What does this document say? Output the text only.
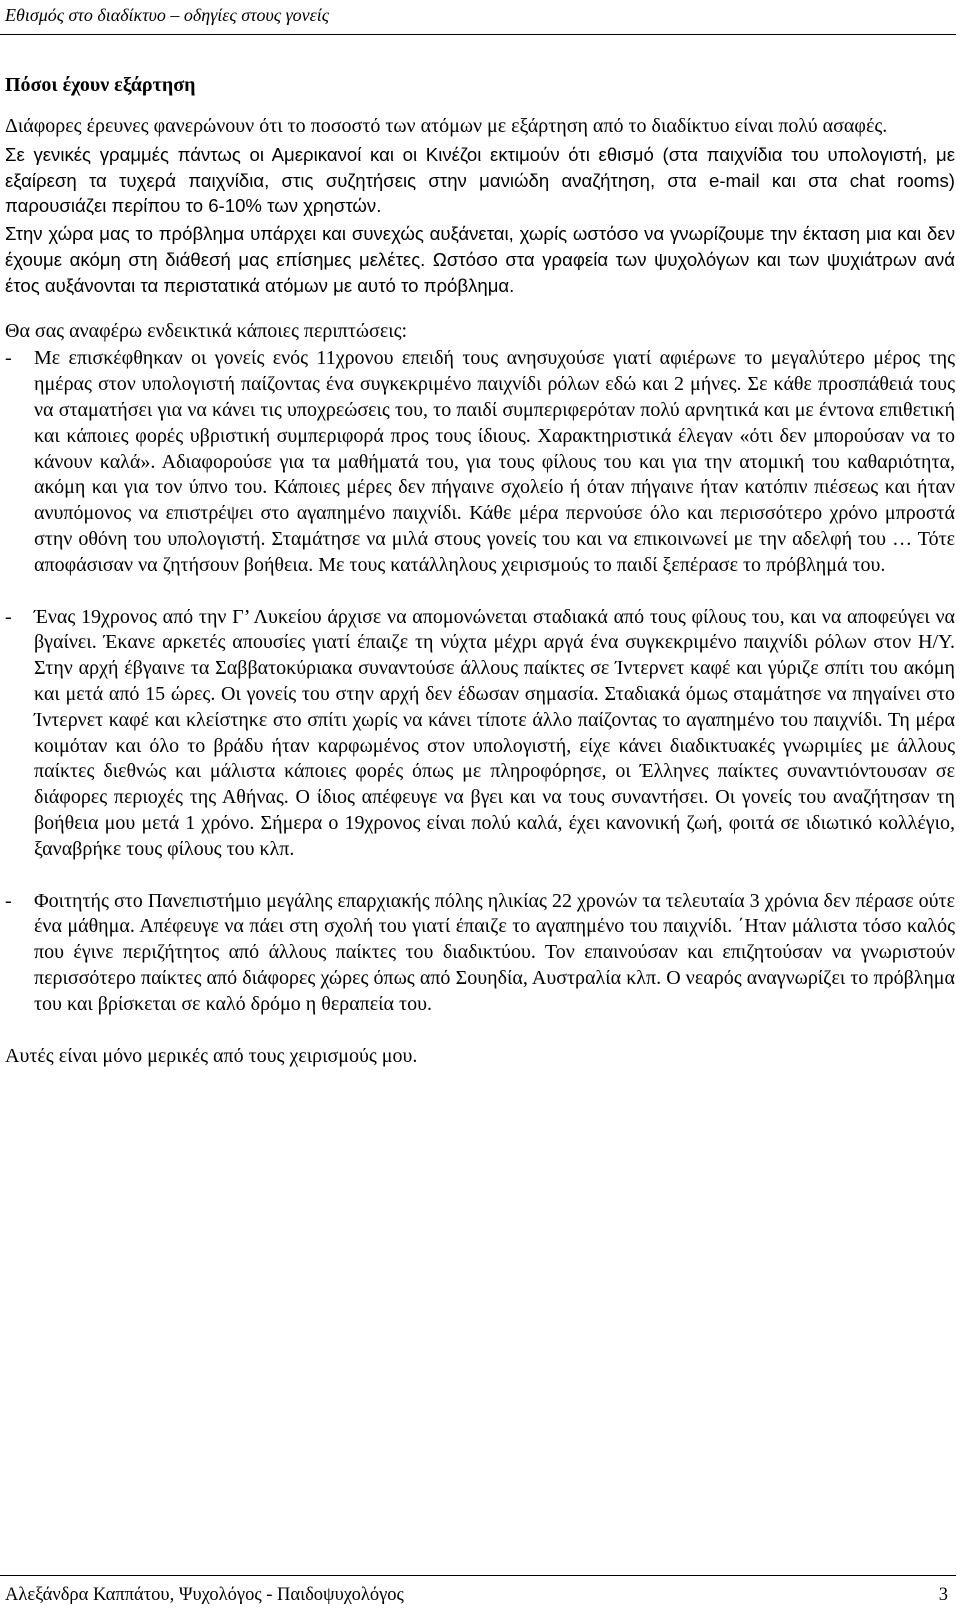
Εθισμός στο διαδίκτυο – οδηγίες στους γονείς

Πόσοι έχουν εξάρτηση

Διάφορες έρευνες φανερώνουν ότι το ποσοστό των ατόμων με εξάρτηση από το διαδίκτυο είναι πολύ ασαφές.

Σε γενικές γραμμές πάντως οι Αμερικανοί και οι Κινέζοι εκτιμούν ότι εθισμό (στα παιχνίδια του υπολογιστή, με εξαίρεση τα τυχερά παιχνίδια, στις συζητήσεις στην μανιώδη αναζήτηση, στα e-mail και στα chat rooms) παρουσιάζει περίπου το 6-10% των χρηστών.

Στην χώρα μας το πρόβλημα υπάρχει και συνεχώς αυξάνεται, χωρίς ωστόσο να γνωρίζουμε την έκταση μια και δεν έχουμε ακόμη στη διάθεσή μας επίσημες μελέτες. Ωστόσο στα γραφεία των ψυχολόγων και των ψυχιάτρων ανά έτος αυξάνονται τα περιστατικά ατόμων με αυτό το πρόβλημα.

Θα σας αναφέρω ενδεικτικά κάποιες περιπτώσεις:

- Με επισκέφθηκαν οι γονείς ενός 11χρονου επειδή τους ανησυχούσε γιατί αφιέρωνε το μεγαλύτερο μέρος της ημέρας στον υπολογιστή παίζοντας ένα συγκεκριμένο παιχνίδι ρόλων εδώ και 2 μήνες. Σε κάθε προσπάθειά τους να σταματήσει για να κάνει τις υποχρεώσεις του, το παιδί συμπεριφερόταν πολύ αρνητικά και με έντονα επιθετική και κάποιες φορές υβριστική συμπεριφορά προς τους ίδιους. Χαρακτηριστικά έλεγαν «ότι δεν μπορούσαν να το κάνουν καλά». Αδιαφορούσε για τα μαθήματά του, για τους φίλους του και για την ατομική του καθαριότητα, ακόμη και για τον ύπνο του. Κάποιες μέρες δεν πήγαινε σχολείο ή όταν πήγαινε ήταν κατόπιν πιέσεως και ήταν ανυπόμονος να επιστρέψει στο αγαπημένο παιχνίδι. Κάθε μέρα περνούσε όλο και περισσότερο χρόνο μπροστά στην οθόνη του υπολογιστή. Σταμάτησε να μιλά στους γονείς του και να επικοινωνεί με την αδελφή του … Τότε αποφάσισαν να ζητήσουν βοήθεια. Με τους κατάλληλους χειρισμούς το παιδί ξεπέρασε το πρόβλημά του.
- Ένας 19χρονος από την Γ’ Λυκείου άρχισε να απομονώνεται σταδιακά από τους φίλους του, και να αποφεύγει να βγαίνει. Έκανε αρκετές απουσίες γιατί έπαιζε τη νύχτα μέχρι αργά ένα συγκεκριμένο παιχνίδι ρόλων στον Η/Υ. Στην αρχή έβγαινε τα Σαββατοκύριακα συναντούσε άλλους παίκτες σε Ίντερνετ καφέ και γύριζε σπίτι του ακόμη και μετά από 15 ώρες. Οι γονείς του στην αρχή δεν έδωσαν σημασία. Σταδιακά όμως σταμάτησε να πηγαίνει στο Ίντερνετ καφέ και κλείστηκε στο σπίτι χωρίς να κάνει τίποτε άλλο παίζοντας το αγαπημένο του παιχνίδι. Τη μέρα κοιμόταν και όλο το βράδυ ήταν καρφωμένος στον υπολογιστή, είχε κάνει διαδικτυακές γνωριμίες με άλλους παίκτες διεθνώς και μάλιστα κάποιες φορές όπως με πληροφόρησε, οι Έλληνες παίκτες συναντιόντουσαν σε διάφορες περιοχές της Αθήνας. Ο ίδιος απέφευγε να βγει και να τους συναντήσει. Οι γονείς του αναζήτησαν τη βοήθεια μου μετά 1 χρόνο. Σήμερα ο 19χρονος είναι πολύ καλά, έχει κανονική ζωή, φοιτά σε ιδιωτικό κολλέγιο, ξαναβρήκε τους φίλους του κλπ.
- Φοιτητής στο Πανεπιστήμιο μεγάλης επαρχιακής πόλης ηλικίας 22 χρονών τα τελευταία 3 χρόνια δεν πέρασε ούτε ένα μάθημα. Απέφευγε να πάει στη σχολή του γιατί έπαιζε το αγαπημένο του παιχνίδι. ΄Ηταν μάλιστα τόσο καλός που έγινε περιζήτητος από άλλους παίκτες του διαδικτύου. Τον επαινούσαν και επιζητούσαν να γνωριστούν περισσότερο παίκτες από διάφορες χώρες όπως από Σουηδία, Αυστραλία κλπ. Ο νεαρός αναγνωρίζει το πρόβλημα του και βρίσκεται σε καλό δρόμο η θεραπεία του.

Αυτές είναι μόνο μερικές από τους χειρισμούς μου.

Αλεξάνδρα Καππάτου, Ψυχολόγος - Παιδοψυχολόγος	3
